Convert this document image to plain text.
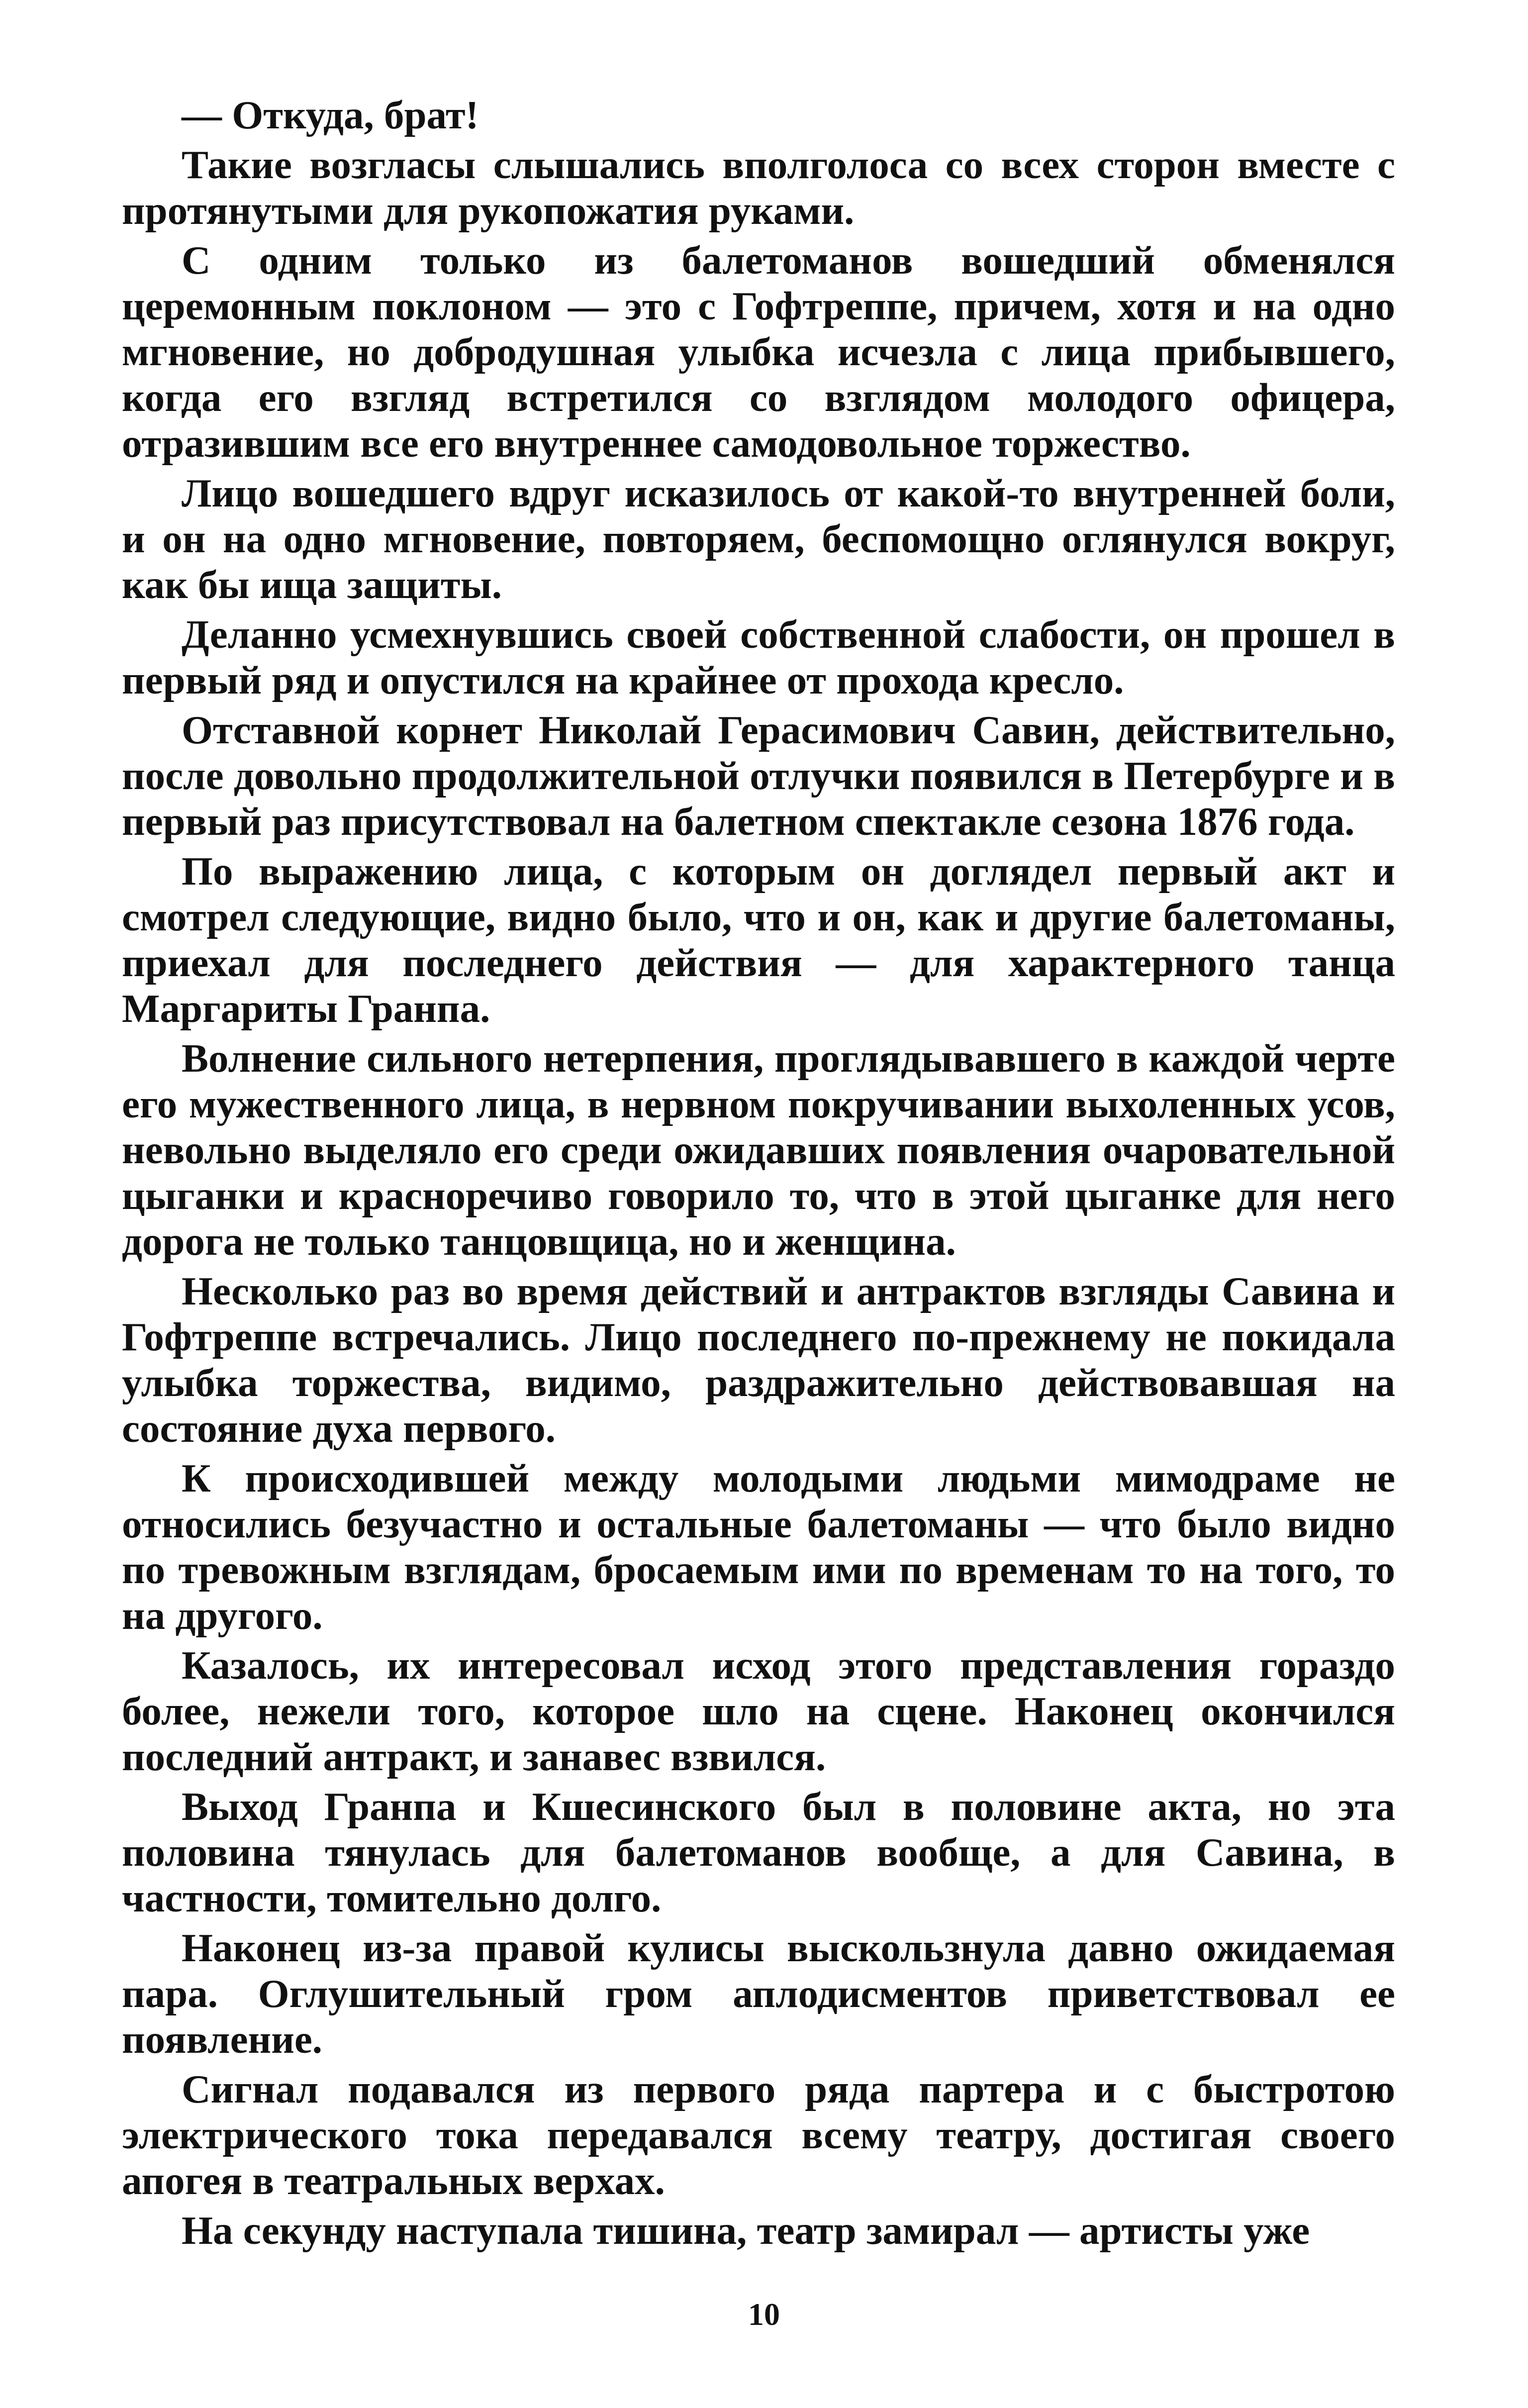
— Откуда, брат!

Такие возгласы слышались вполголоса со всех сторон вместе с протянутыми для рукопожатия руками.

С одним только из балетоманов вошедший обменялся церемонным поклоном — это с Гофтреппе, причем, хотя и на одно мгновение, но добродушная улыбка исчезла с лица прибывшего, когда его взгляд встретился со взглядом молодого офицера, отразившим все его внутреннее самодовольное торжество.

Лицо вошедшего вдруг исказилось от какой-то внутренней боли, и он на одно мгновение, повторяем, беспомощно оглянулся вокруг, как бы ища защиты.

Деланно усмехнувшись своей собственной слабости, он прошел в первый ряд и опустился на крайнее от прохода кресло.

Отставной корнет Николай Герасимович Савин, действительно, после довольно продолжительной отлучки появился в Петербурге и в первый раз присутствовал на балетном спектакле сезона 1876 года.

По выражению лица, с которым он доглядел первый акт и смотрел следующие, видно было, что и он, как и другие балетоманы, приехал для последнего действия — для характерного танца Маргариты Гранпа.

Волнение сильного нетерпения, проглядывавшего в каждой черте его мужественного лица, в нервном покручивании выхоленных усов, невольно выделяло его среди ожидавших появления очаровательной цыганки и красноречиво говорило то, что в этой цыганке для него дорога не только танцовщица, но и женщина.

Несколько раз во время действий и антрактов взгляды Савина и Гофтреппе встречались. Лицо последнего по-прежнему не покидала улыбка торжества, видимо, раздражительно действовавшая на состояние духа первого.

К происходившей между молодыми людьми мимодраме не относились безучастно и остальные балетоманы — что было видно по тревожным взглядам, бросаемым ими по временам то на того, то на другого.

Казалось, их интересовал исход этого представления гораздо более, нежели того, которое шло на сцене. Наконец окончился последний антракт, и занавес взвился.

Выход Гранпа и Кшесинского был в половине акта, но эта половина тянулась для балетоманов вообще, а для Савина, в частности, томительно долго.

Наконец из-за правой кулисы выскользнула давно ожидаемая пара. Оглушительный гром аплодисментов приветствовал ее появление.

Сигнал подавался из первого ряда партера и с быстротою электрического тока передавался всему театру, достигая своего апогея в театральных верхах.

На секунду наступала тишина, театр замирал — артисты уже

10
